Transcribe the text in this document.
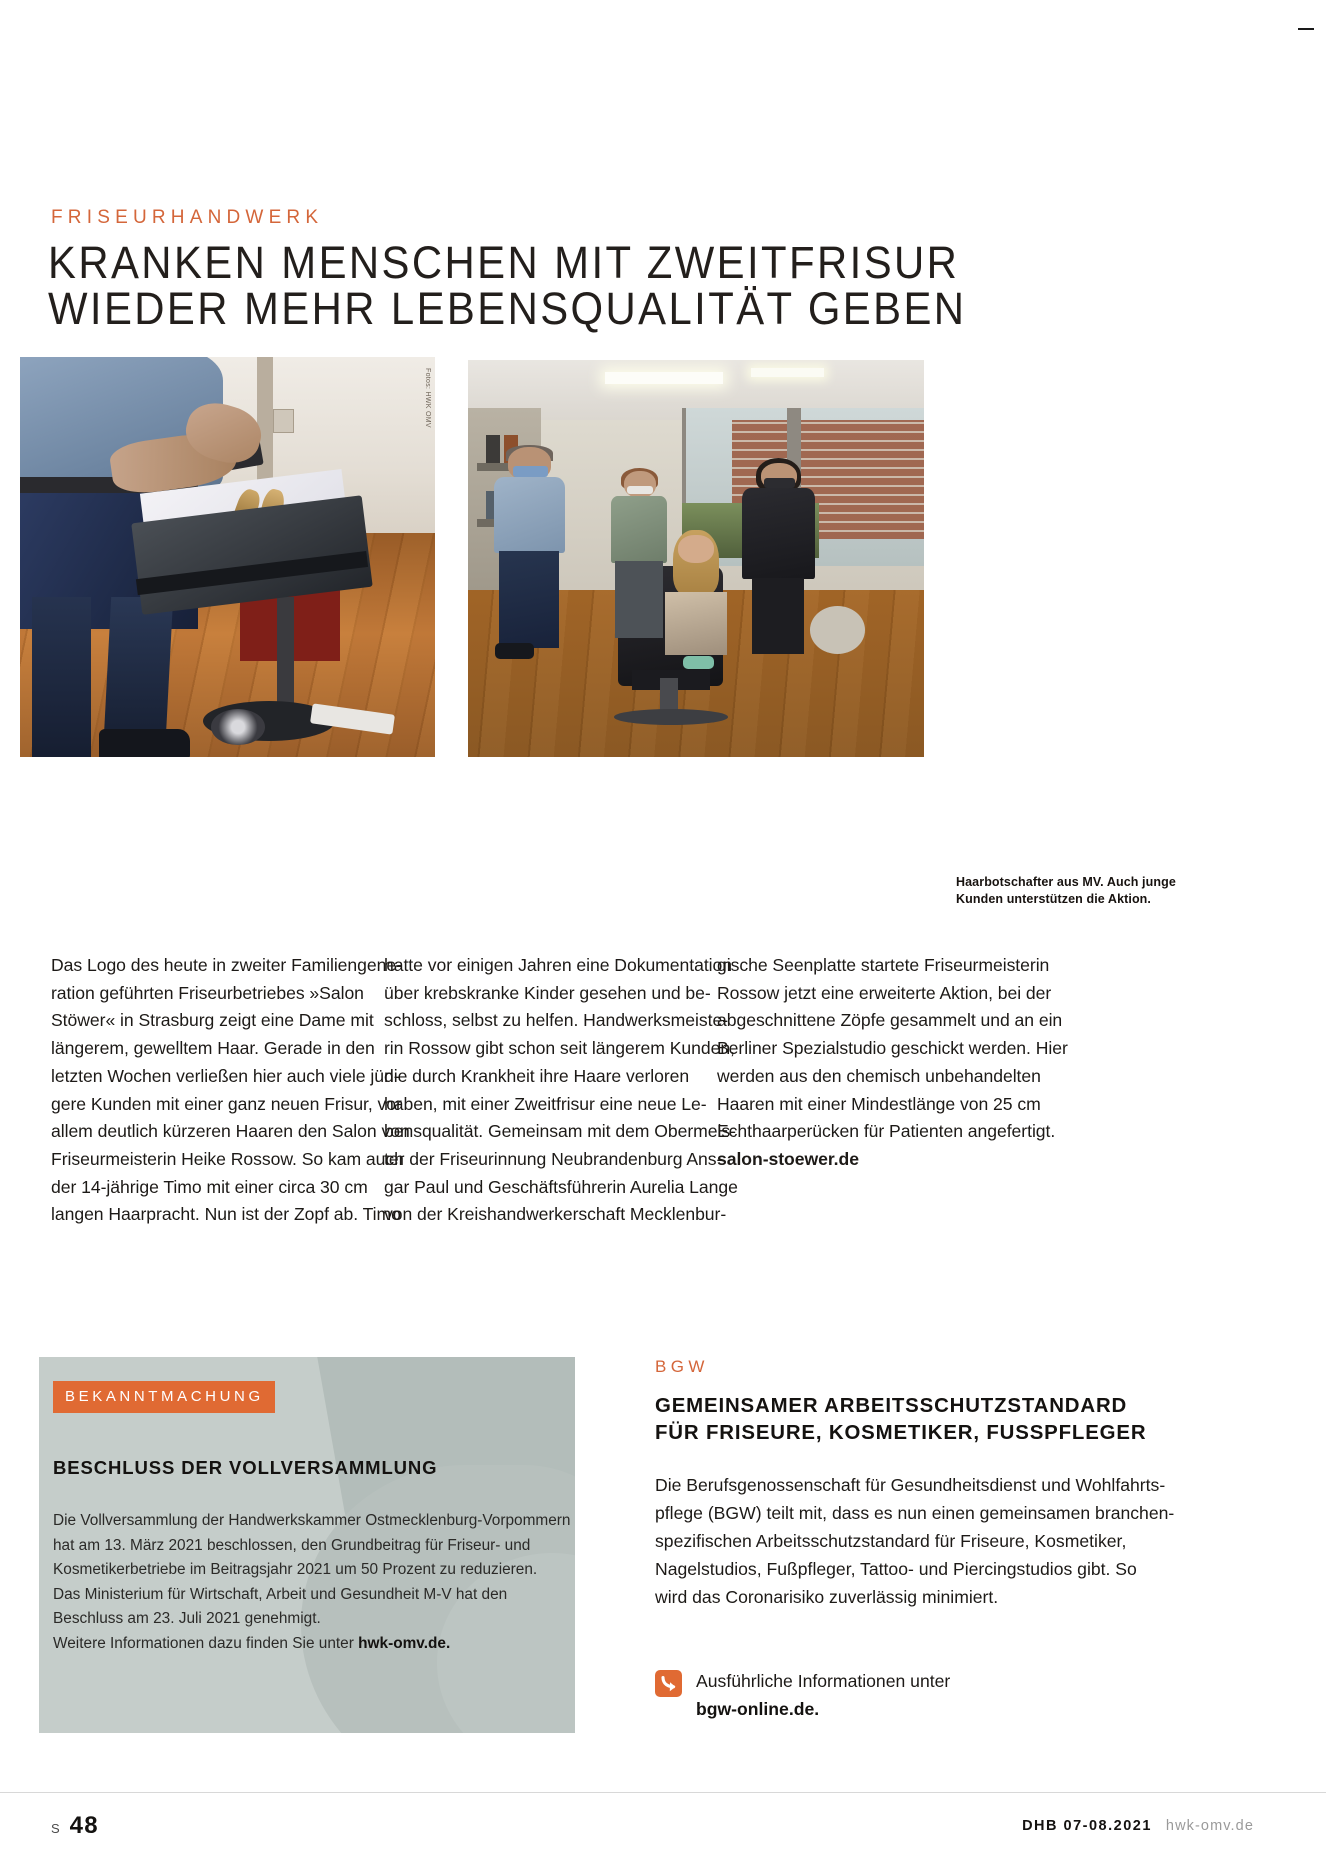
FRISEURHANDWERK
KRANKEN MENSCHEN MIT ZWEITFRISUR
WIEDER MEHR LEBENSQUALITÄT GEBEN
Fotos: HWK OMV
Haarbotschafter aus MV. Auch junge Kunden unterstützen die Aktion.
Das Logo des heute in zweiter Familiengene-
ration geführten Friseurbetriebes »Salon
Stöwer« in Strasburg zeigt eine Dame mit
längerem, gewelltem Haar. Gerade in den
letzten Wochen verließen hier auch viele jün-
gere Kunden mit einer ganz neuen Frisur, vor
allem deutlich kürzeren Haaren den Salon von
Friseurmeisterin Heike Rossow. So kam auch
der 14-jährige Timo mit einer circa 30 cm
langen Haarpracht. Nun ist der Zopf ab. Timo
hatte vor einigen Jahren eine Dokumentation
über krebskranke Kinder gesehen und be-
schloss, selbst zu helfen. Handwerksmeiste-
rin Rossow gibt schon seit längerem Kunden,
die durch Krankheit ihre Haare verloren
haben, mit einer Zweitfrisur eine neue Le-
bensqualität. Gemeinsam mit dem Obermeis-
ter der Friseurinnung Neubrandenburg Ans-
gar Paul und Geschäftsführerin Aurelia Lange
von der Kreishandwerkerschaft Mecklenbur-
gische Seenplatte startete Friseurmeisterin
Rossow jetzt eine erweiterte Aktion, bei der
abgeschnittene Zöpfe gesammelt und an ein
Berliner Spezialstudio geschickt werden. Hier
werden aus den chemisch unbehandelten
Haaren mit einer Mindestlänge von 25 cm
Echthaarperücken für Patienten angefertigt.
salon-stoewer.de
BEKANNTMACHUNG
BESCHLUSS DER VOLLVERSAMMLUNG
Die Vollversammlung der Handwerkskammer Ostmecklenburg-Vorpommern
hat am 13. März 2021 beschlossen, den Grundbeitrag für Friseur- und
Kosmetikerbetriebe im Beitragsjahr 2021 um 50 Prozent zu reduzieren.
Das Ministerium für Wirtschaft, Arbeit und Gesundheit M-V hat den
Beschluss am 23. Juli 2021 genehmigt.
Weitere Informationen dazu finden Sie unter hwk-omv.de.
BGW
GEMEINSAMER ARBEITSSCHUTZSTANDARD
FÜR FRISEURE, KOSMETIKER, FUSSPFLEGER
Die Berufsgenossenschaft für Gesundheitsdienst und Wohlfahrts-
pflege (BGW) teilt mit, dass es nun einen gemeinsamen branchen-
spezifischen Arbeitsschutzstandard für Friseure, Kosmetiker,
Nagelstudios, Fußpfleger, Tattoo- und Piercingstudios gibt. So
wird das Coronarisiko zuverlässig minimiert.
Ausführliche Informationen unter
bgw-online.de.
S 48	DHB 07-08.2021 hwk-omv.de
